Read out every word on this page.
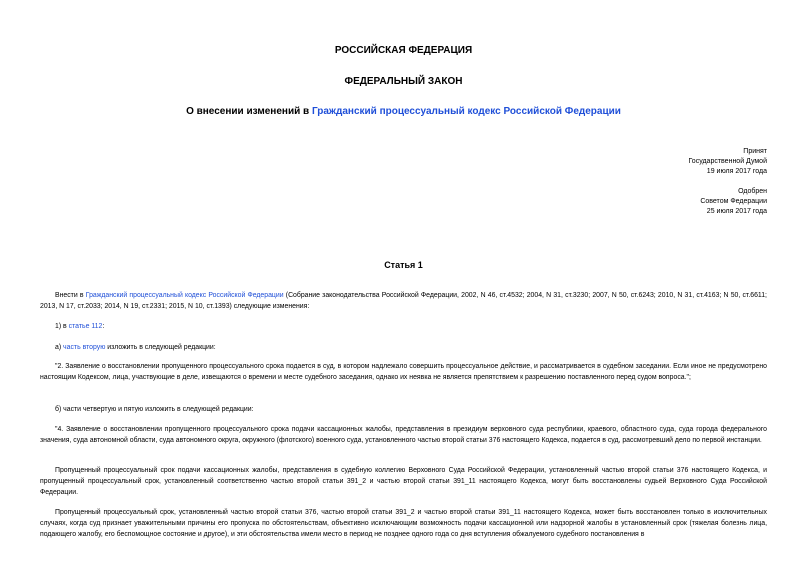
РОССИЙСКАЯ ФЕДЕРАЦИЯ
ФЕДЕРАЛЬНЫЙ ЗАКОН
О внесении изменений в Гражданский процессуальный кодекс Российской Федерации
Принят
Государственной Думой
19 июля 2017 года
Одобрен
Советом Федерации
25 июля 2017 года
Статья 1
Внести в Гражданский процессуальный кодекс Российской Федерации (Собрание законодательства Российской Федерации, 2002, N 46, ст.4532; 2004, N 31, ст.3230; 2007, N 50, ст.6243; 2010, N 31, ст.4163; N 50, ст.6611; 2013, N 17, ст.2033; 2014, N 19, ст.2331; 2015, N 10, ст.1393) следующие изменения:
1) в статье 112:
а) часть вторую изложить в следующей редакции:
"2. Заявление о восстановлении пропущенного процессуального срока подается в суд, в котором надлежало совершить процессуальное действие, и рассматривается в судебном заседании. Если иное не предусмотрено настоящим Кодексом, лица, участвующие в деле, извещаются о времени и месте судебного заседания, однако их неявка не является препятствием к разрешению поставленного перед судом вопроса.";
б) части четвертую и пятую изложить в следующей редакции:
"4. Заявление о восстановлении пропущенного процессуального срока подачи кассационных жалобы, представления в президиум верховного суда республики, краевого, областного суда, суда города федерального значения, суда автономной области, суда автономного округа, окружного (флотского) военного суда, установленного частью второй статьи 376 настоящего Кодекса, подается в суд, рассмотревший дело по первой инстанции.
Пропущенный процессуальный срок подачи кассационных жалобы, представления в судебную коллегию Верховного Суда Российской Федерации, установленный частью второй статьи 376 настоящего Кодекса, и пропущенный процессуальный срок, установленный соответственно частью второй статьи 391_2 и частью второй статьи 391_11 настоящего Кодекса, могут быть восстановлены судьей Верховного Суда Российской Федерации.
Пропущенный процессуальный срок, установленный частью второй статьи 376, частью второй статьи 391_2 и частью второй статьи 391_11 настоящего Кодекса, может быть восстановлен только в исключительных случаях, когда суд признает уважительными причины его пропуска по обстоятельствам, объективно исключающим возможность подачи кассационной или надзорной жалобы в установленный срок (тяжелая болезнь лица, подающего жалобу, его беспомощное состояние и другое), и эти обстоятельства имели место в период не позднее одного года со дня вступления обжалуемого судебного постановления в
